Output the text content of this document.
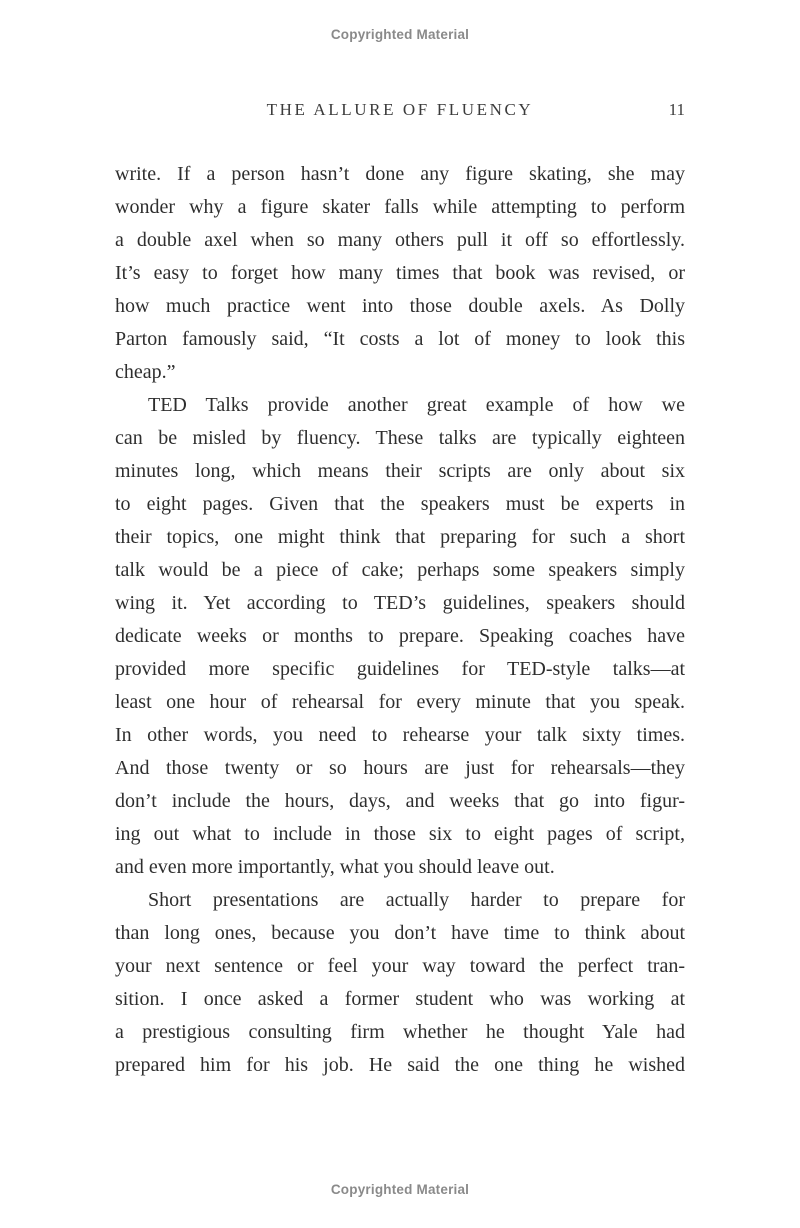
Copyrighted Material
THE ALLURE OF FLUENCY	11
write. If a person hasn’t done any figure skating, she may
wonder why a figure skater falls while attempting to perform
a double axel when so many others pull it off so effortlessly.
It’s easy to forget how many times that book was revised, or
how much practice went into those double axels. As Dolly
Parton famously said, “It costs a lot of money to look this
cheap.”
TED Talks provide another great example of how we
can be misled by fluency. These talks are typically eighteen
minutes long, which means their scripts are only about six
to eight pages. Given that the speakers must be experts in
their topics, one might think that preparing for such a short
talk would be a piece of cake; perhaps some speakers simply
wing it. Yet according to TED’s guidelines, speakers should
dedicate weeks or months to prepare. Speaking coaches have
provided more specific guidelines for TED-style talks—at
least one hour of rehearsal for every minute that you speak.
In other words, you need to rehearse your talk sixty times.
And those twenty or so hours are just for rehearsals—they
don’t include the hours, days, and weeks that go into figur-
ing out what to include in those six to eight pages of script,
and even more importantly, what you should leave out.
Short presentations are actually harder to prepare for
than long ones, because you don’t have time to think about
your next sentence or feel your way toward the perfect tran-
sition. I once asked a former student who was working at
a prestigious consulting firm whether he thought Yale had
prepared him for his job. He said the one thing he wished
Copyrighted Material
